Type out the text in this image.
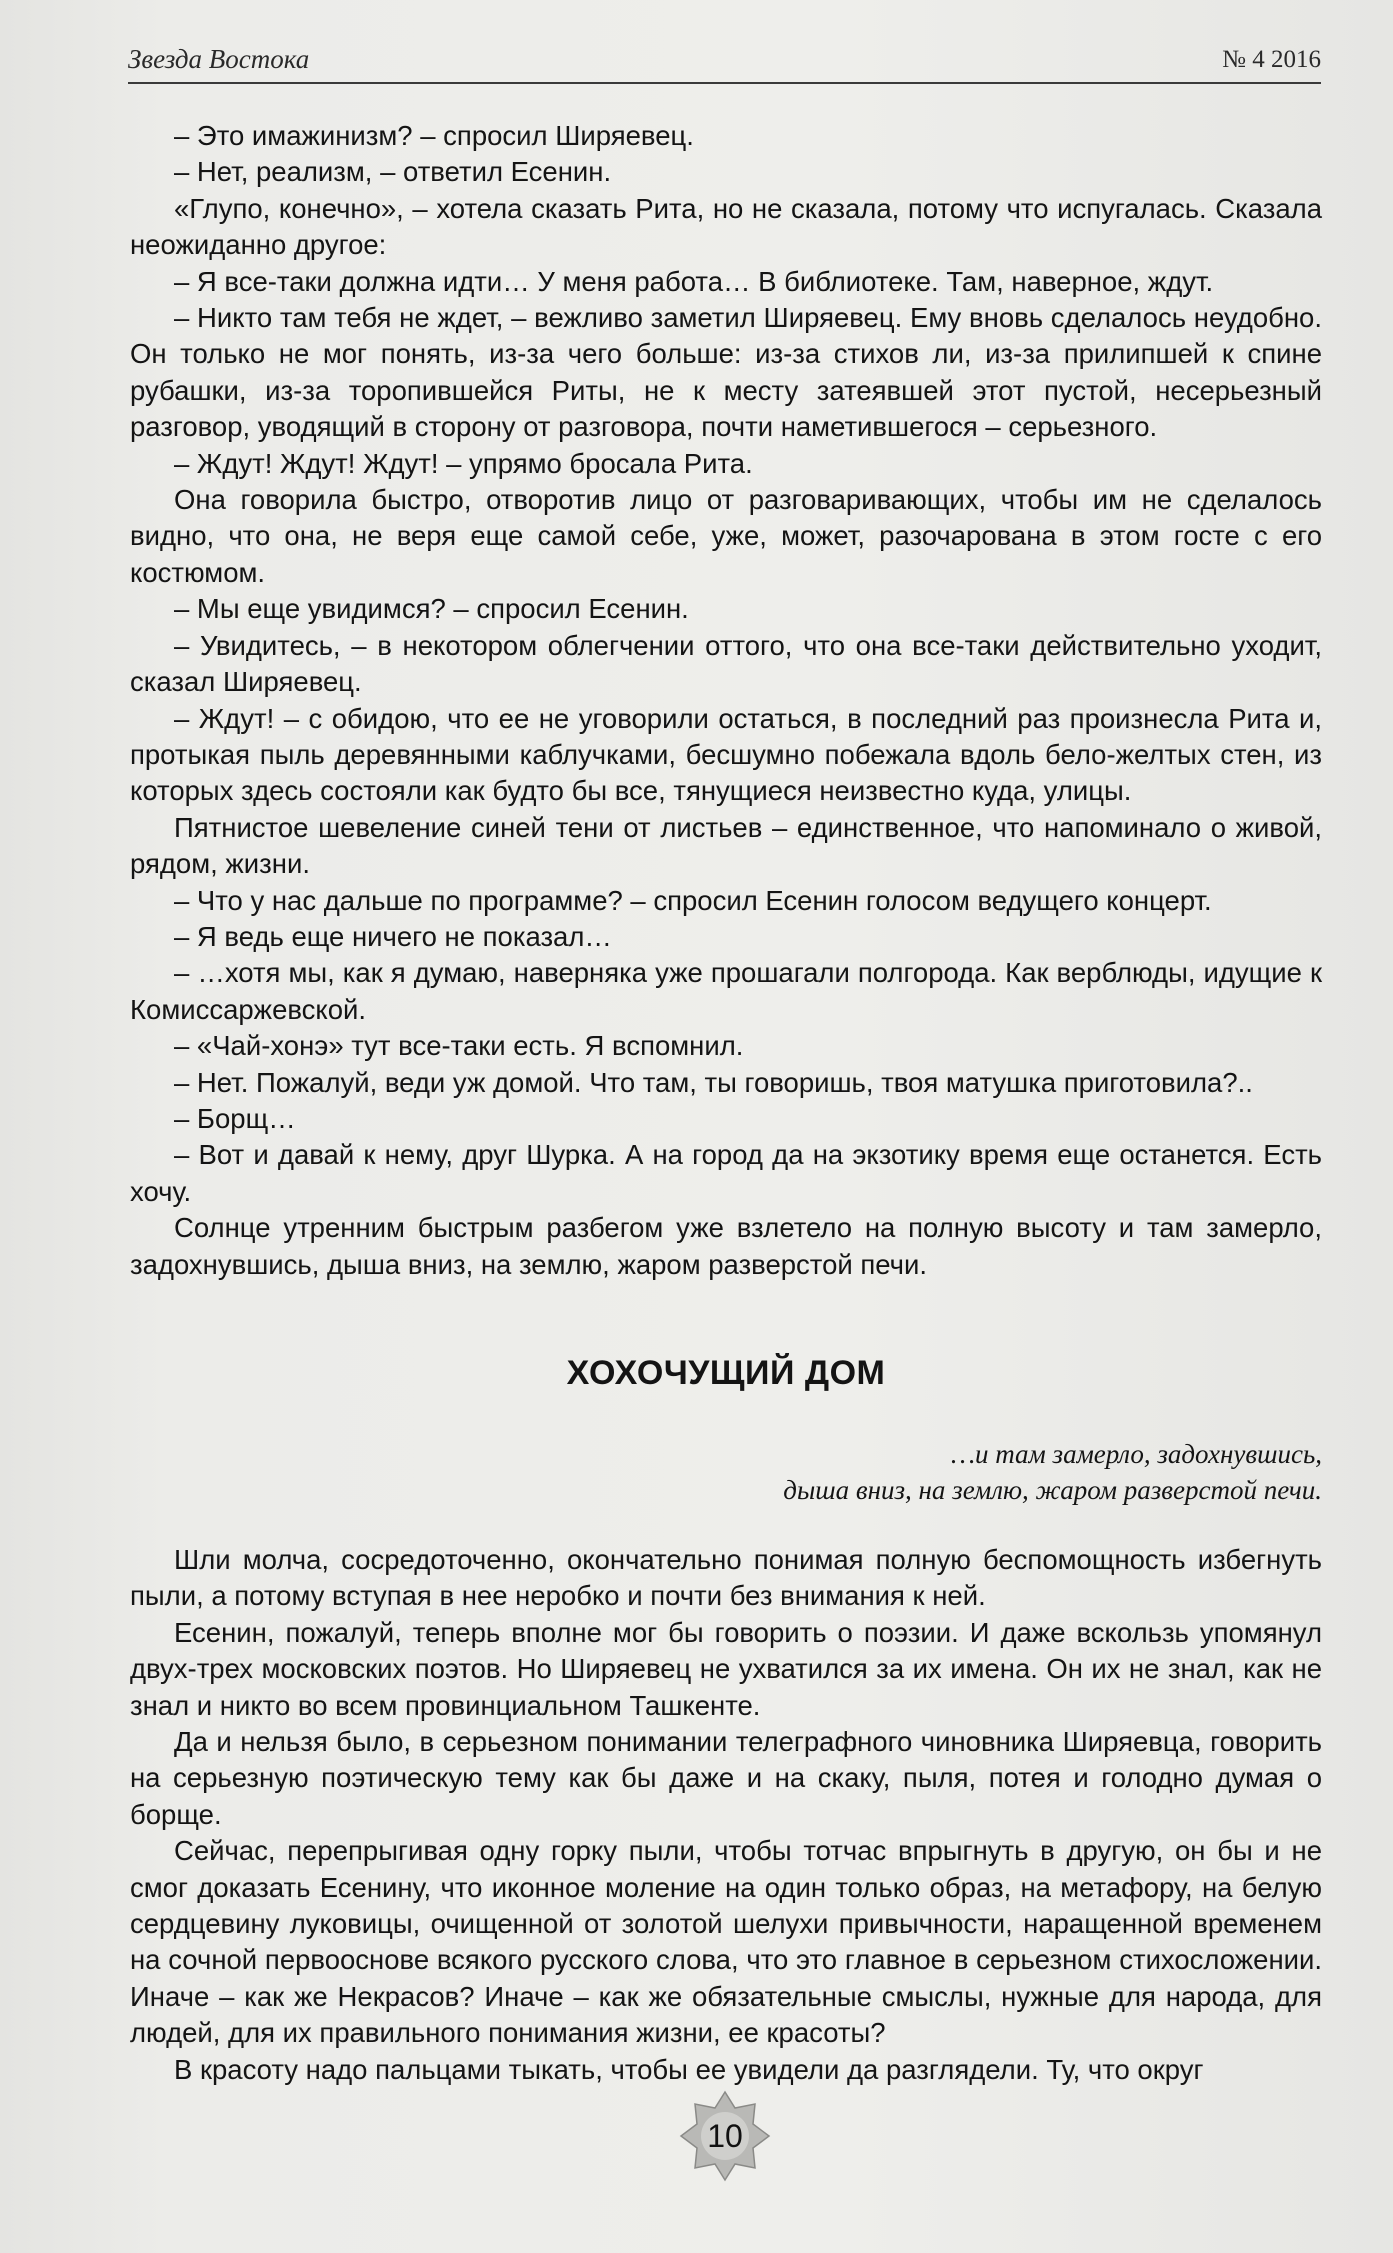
Звезда Востока	№ 4 2016

– Это имажинизм? – спросил Ширяевец.

– Нет, реализм, – ответил Есенин.

«Глупо, конечно», – хотела сказать Рита, но не сказала, потому что испугалась. Сказала неожиданно другое:

– Я все-таки должна идти… У меня работа… В библиотеке. Там, наверное, ждут.

– Никто там тебя не ждет, – вежливо заметил Ширяевец. Ему вновь сделалось неудобно. Он только не мог понять, из-за чего больше: из-за стихов ли, из-за прилипшей к спине рубашки, из-за торопившейся Риты, не к месту затеявшей этот пустой, несерьезный разговор, уводящий в сторону от разговора, почти наметившегося – серьезного.

– Ждут! Ждут! Ждут! – упрямо бросала Рита.

Она говорила быстро, отворотив лицо от разговаривающих, чтобы им не сделалось видно, что она, не веря еще самой себе, уже, может, разочарована в этом госте с его костюмом.

– Мы еще увидимся? – спросил Есенин.

– Увидитесь, – в некотором облегчении оттого, что она все-таки действительно уходит, сказал Ширяевец.

– Ждут! – с обидою, что ее не уговорили остаться, в последний раз произнесла Рита и, протыкая пыль деревянными каблучками, бесшумно побежала вдоль бело-желтых стен, из которых здесь состояли как будто бы все, тянущиеся неизвестно куда, улицы.

Пятнистое шевеление синей тени от листьев – единственное, что напоминало о живой, рядом, жизни.

– Что у нас дальше по программе? – спросил Есенин голосом ведущего концерт.

– Я ведь еще ничего не показал…

– …хотя мы, как я думаю, наверняка уже прошагали полгорода. Как верблюды, идущие к Комиссаржевской.

– «Чай-хонэ» тут все-таки есть. Я вспомнил.

– Нет. Пожалуй, веди уж домой. Что там, ты говоришь, твоя матушка приготовила?..

– Борщ…

– Вот и давай к нему, друг Шурка. А на город да на экзотику время еще останется. Есть хочу.

Солнце утренним быстрым разбегом уже взлетело на полную высоту и там замерло, задохнувшись, дыша вниз, на землю, жаром разверстой печи.

ХОХОЧУЩИЙ ДОМ
…и там замерло, задохнувшись,
дыша вниз, на землю, жаром разверстой печи.

Шли молча, сосредоточенно, окончательно понимая полную беспомощность избегнуть пыли, а потому вступая в нее неробко и почти без внимания к ней.

Есенин, пожалуй, теперь вполне мог бы говорить о поэзии. И даже вскользь упомянул двух-трех московских поэтов. Но Ширяевец не ухватился за их имена. Он их не знал, как не знал и никто во всем провинциальном Ташкенте.

Да и нельзя было, в серьезном понимании телеграфного чиновника Ширяевца, говорить на серьезную поэтическую тему как бы даже и на скаку, пыля, потея и голодно думая о борще.

Сейчас, перепрыгивая одну горку пыли, чтобы тотчас впрыгнуть в другую, он бы и не смог доказать Есенину, что иконное моление на один только образ, на метафору, на белую сердцевину луковицы, очищенной от золотой шелухи привычности, наращенной временем на сочной первооснове всякого русского слова, что это главное в серьезном стихосложении. Иначе – как же Некрасов? Иначе – как же обязательные смыслы, нужные для народа, для людей, для их правильного понимания жизни, ее красоты?

В красоту надо пальцами тыкать, чтобы ее увидели да разглядели. Ту, что округ

10
